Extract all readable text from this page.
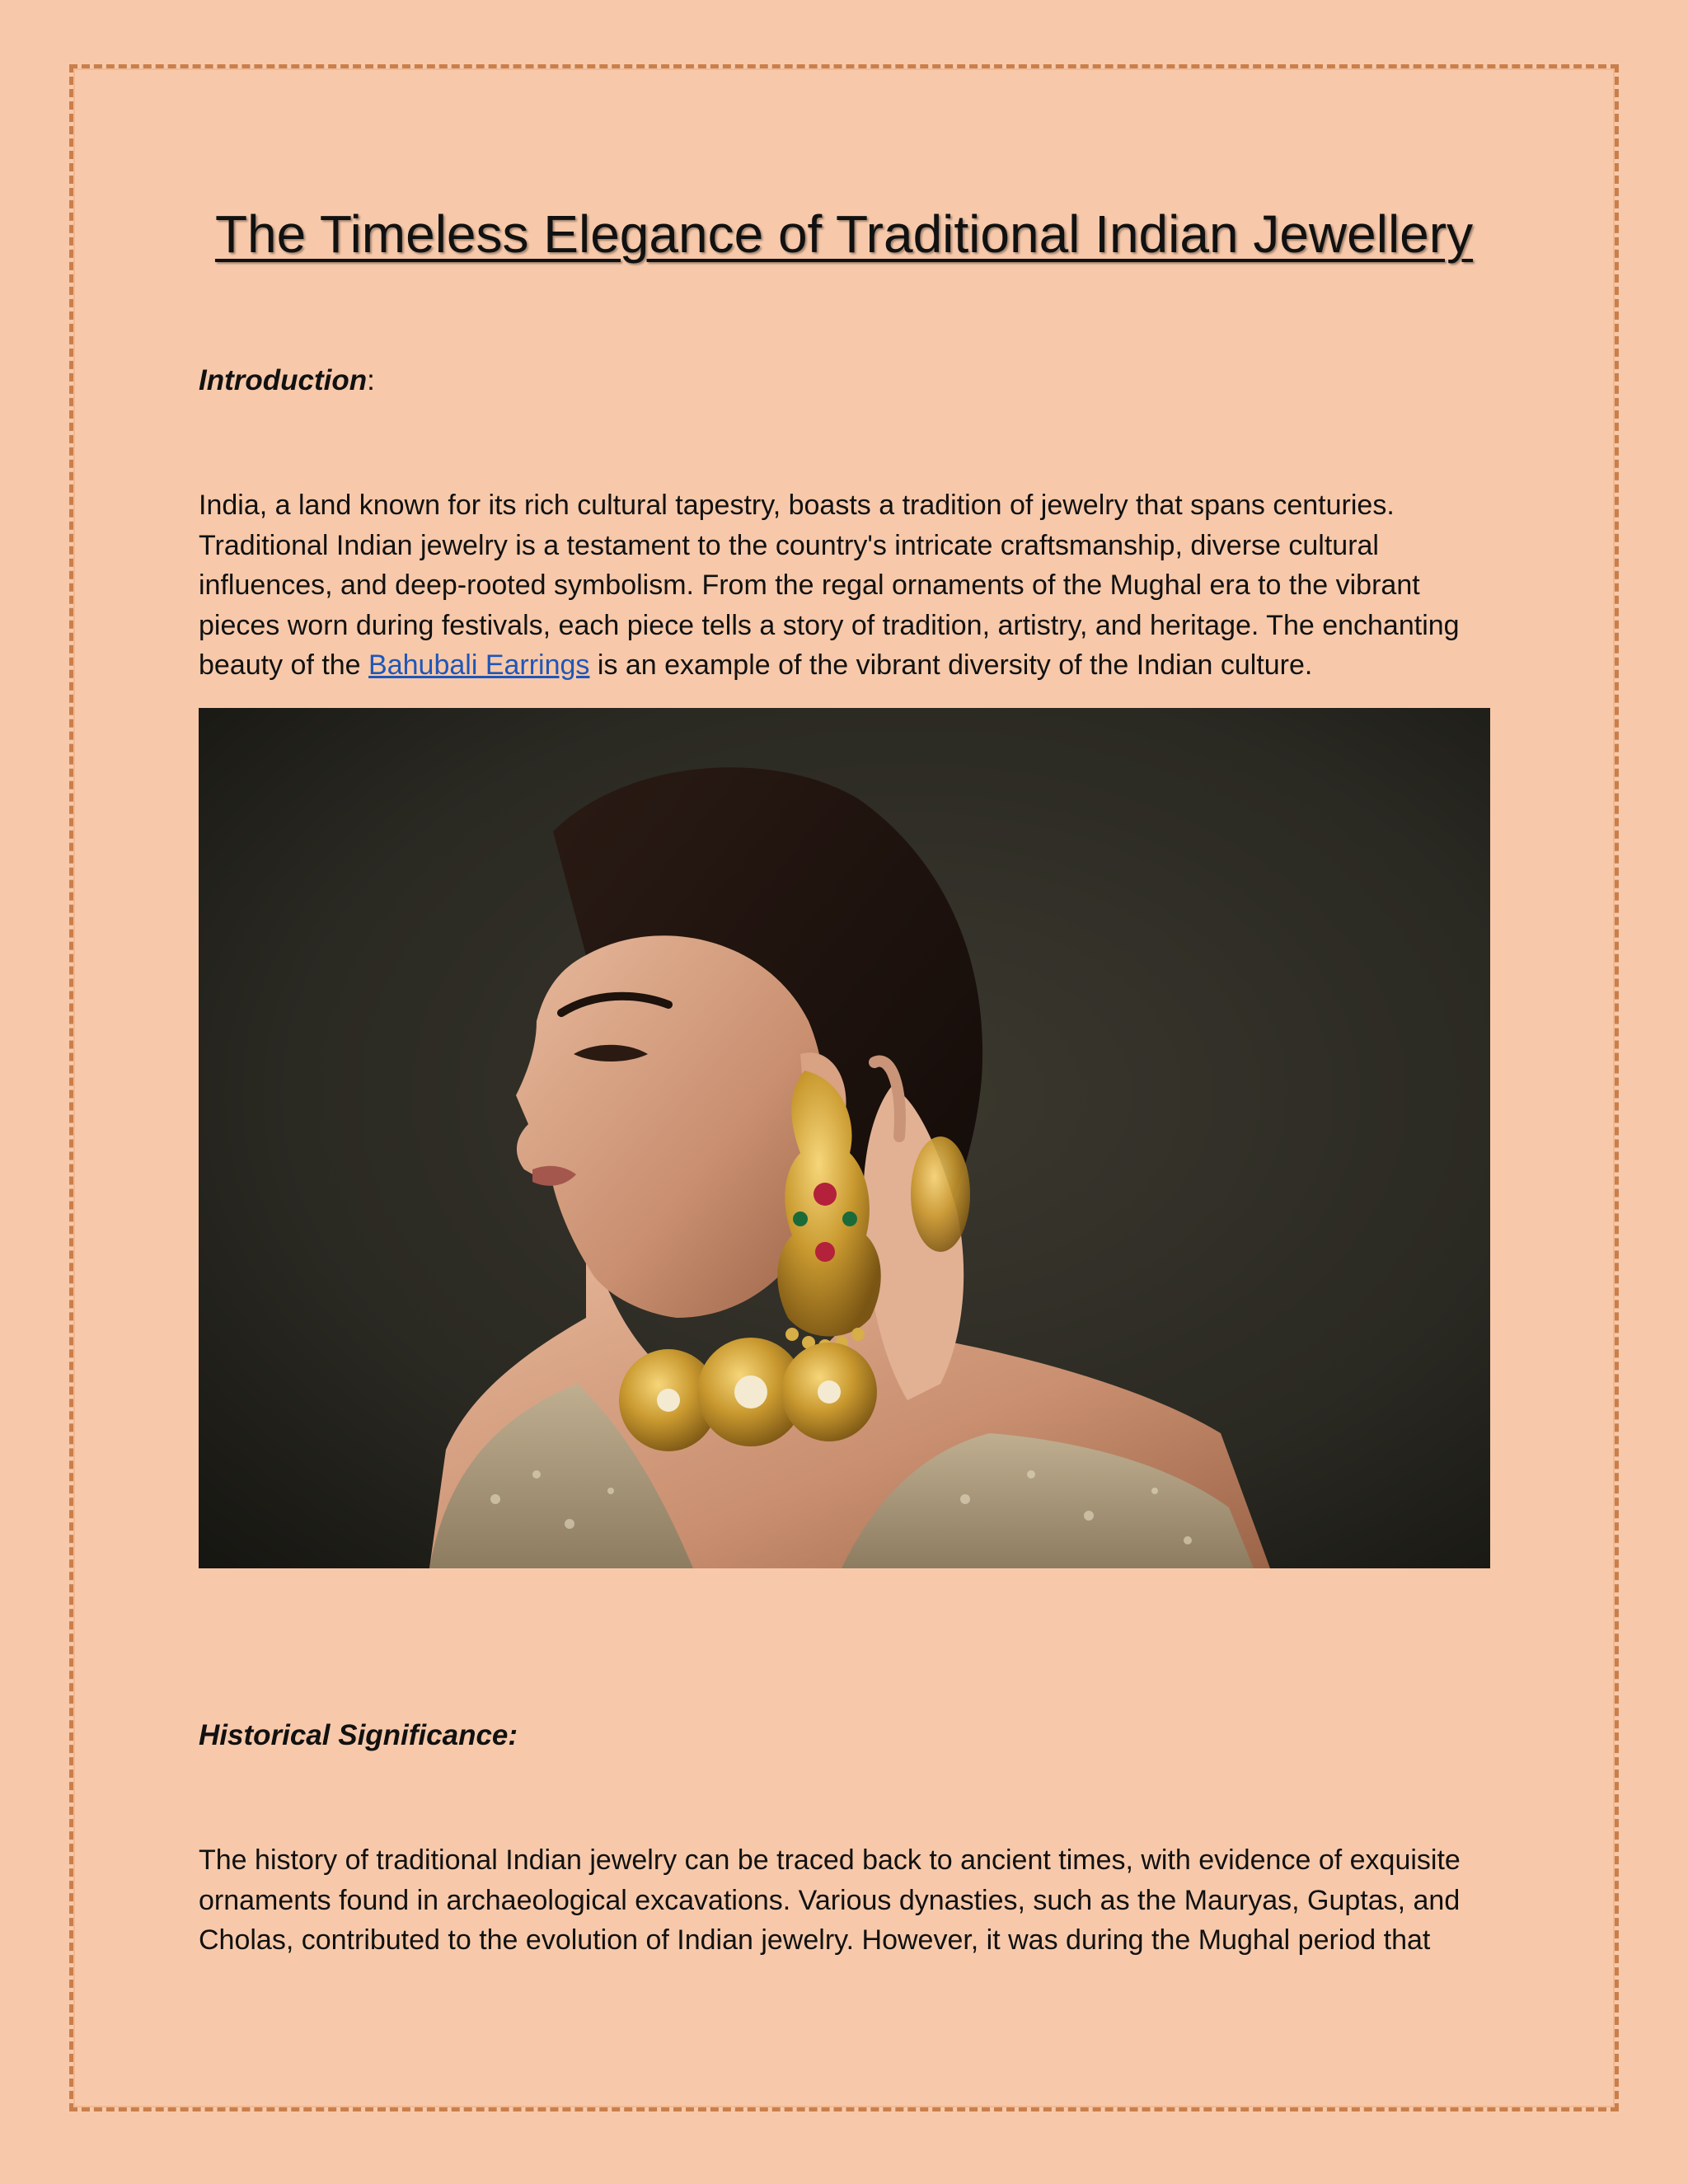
The Timeless Elegance of Traditional Indian Jewellery

Introduction:

India, a land known for its rich cultural tapestry, boasts a tradition of jewelry that spans centuries. Traditional Indian jewelry is a testament to the country's intricate craftsmanship, diverse cultural influences, and deep-rooted symbolism. From the regal ornaments of the Mughal era to the vibrant pieces worn during festivals, each piece tells a story of tradition, artistry, and heritage. The enchanting beauty of the Bahubali Earrings is an example of the vibrant diversity of the Indian culture.

Historical Significance:

The history of traditional Indian jewelry can be traced back to ancient times, with evidence of exquisite ornaments found in archaeological excavations. Various dynasties, such as the Mauryas, Guptas, and Cholas, contributed to the evolution of Indian jewelry. However, it was during the Mughal period that
